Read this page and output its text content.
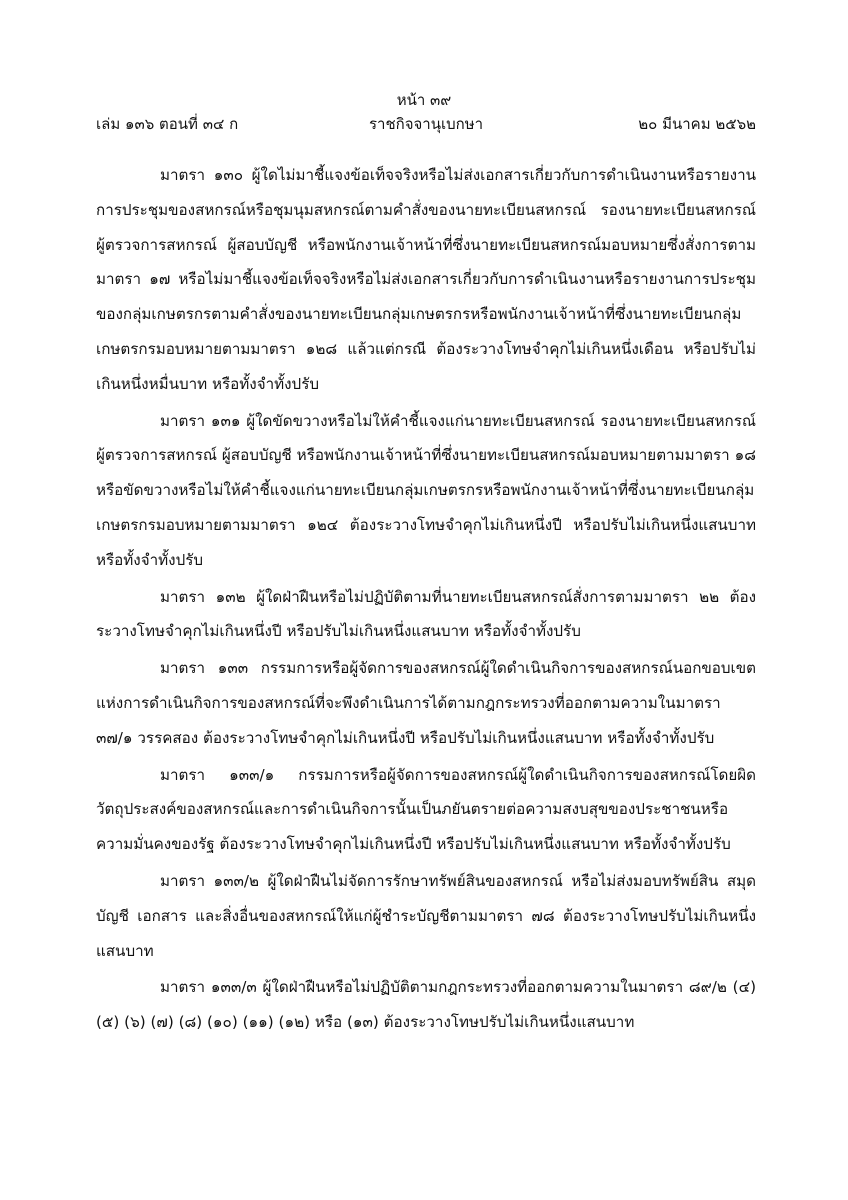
หน้า ๓๙
ราชกิจจานุเบกษา
เล่ม ๑๓๖ ตอนที่ ๓๔ ก	๒๐ มีนาคม ๒๕๖๒

มาตรา ๑๓๐ ผู้ใดไม่มาชี้แจงข้อเท็จจริงหรือไม่ส่งเอกสารเกี่ยวกับการดำเนินงานหรือรายงานการประชุมของสหกรณ์หรือชุมนุมสหกรณ์ตามคำสั่งของนายทะเบียนสหกรณ์ รองนายทะเบียนสหกรณ์ ผู้ตรวจการสหกรณ์ ผู้สอบบัญชี หรือพนักงานเจ้าหน้าที่ซึ่งนายทะเบียนสหกรณ์มอบหมายซึ่งสั่งการตามมาตรา ๑๗ หรือไม่มาชี้แจงข้อเท็จจริงหรือไม่ส่งเอกสารเกี่ยวกับการดำเนินงานหรือรายงานการประชุมของกลุ่มเกษตรกรตามคำสั่งของนายทะเบียนกลุ่มเกษตรกรหรือพนักงานเจ้าหน้าที่ซึ่งนายทะเบียนกลุ่มเกษตรกรมอบหมายตามมาตรา ๑๒๘ แล้วแต่กรณี ต้องระวางโทษจำคุกไม่เกินหนึ่งเดือน หรือปรับไม่เกินหนึ่งหมื่นบาท หรือทั้งจำทั้งปรับ

มาตรา ๑๓๑ ผู้ใดขัดขวางหรือไม่ให้คำชี้แจงแก่นายทะเบียนสหกรณ์ รองนายทะเบียนสหกรณ์ ผู้ตรวจการสหกรณ์ ผู้สอบบัญชี หรือพนักงานเจ้าหน้าที่ซึ่งนายทะเบียนสหกรณ์มอบหมายตามมาตรา ๑๘ หรือขัดขวางหรือไม่ให้คำชี้แจงแก่นายทะเบียนกลุ่มเกษตรกรหรือพนักงานเจ้าหน้าที่ซึ่งนายทะเบียนกลุ่มเกษตรกรมอบหมายตามมาตรา ๑๒๔ ต้องระวางโทษจำคุกไม่เกินหนึ่งปี หรือปรับไม่เกินหนึ่งแสนบาท หรือทั้งจำทั้งปรับ

มาตรา ๑๓๒ ผู้ใดฝ่าฝืนหรือไม่ปฏิบัติตามที่นายทะเบียนสหกรณ์สั่งการตามมาตรา ๒๒ ต้องระวางโทษจำคุกไม่เกินหนึ่งปี หรือปรับไม่เกินหนึ่งแสนบาท หรือทั้งจำทั้งปรับ

มาตรา ๑๓๓ กรรมการหรือผู้จัดการของสหกรณ์ผู้ใดดำเนินกิจการของสหกรณ์นอกขอบเขตแห่งการดำเนินกิจการของสหกรณ์ที่จะพึงดำเนินการได้ตามกฎกระทรวงที่ออกตามความในมาตรา ๓๗/๑ วรรคสอง ต้องระวางโทษจำคุกไม่เกินหนึ่งปี หรือปรับไม่เกินหนึ่งแสนบาท หรือทั้งจำทั้งปรับ

มาตรา ๑๓๓/๑ กรรมการหรือผู้จัดการของสหกรณ์ผู้ใดดำเนินกิจการของสหกรณ์โดยผิดวัตถุประสงค์ของสหกรณ์และการดำเนินกิจการนั้นเป็นภยันตรายต่อความสงบสุขของประชาชนหรือความมั่นคงของรัฐ ต้องระวางโทษจำคุกไม่เกินหนึ่งปี หรือปรับไม่เกินหนึ่งแสนบาท หรือทั้งจำทั้งปรับ

มาตรา ๑๓๓/๒ ผู้ใดฝ่าฝืนไม่จัดการรักษาทรัพย์สินของสหกรณ์ หรือไม่ส่งมอบทรัพย์สิน สมุดบัญชี เอกสาร และสิ่งอื่นของสหกรณ์ให้แก่ผู้ชำระบัญชีตามมาตรา ๗๘ ต้องระวางโทษปรับไม่เกินหนึ่งแสนบาท

มาตรา ๑๓๓/๓ ผู้ใดฝ่าฝืนหรือไม่ปฏิบัติตามกฎกระทรวงที่ออกตามความในมาตรา ๘๙/๒ (๔) (๕) (๖) (๗) (๘) (๑๐) (๑๑) (๑๒) หรือ (๑๓) ต้องระวางโทษปรับไม่เกินหนึ่งแสนบาท
